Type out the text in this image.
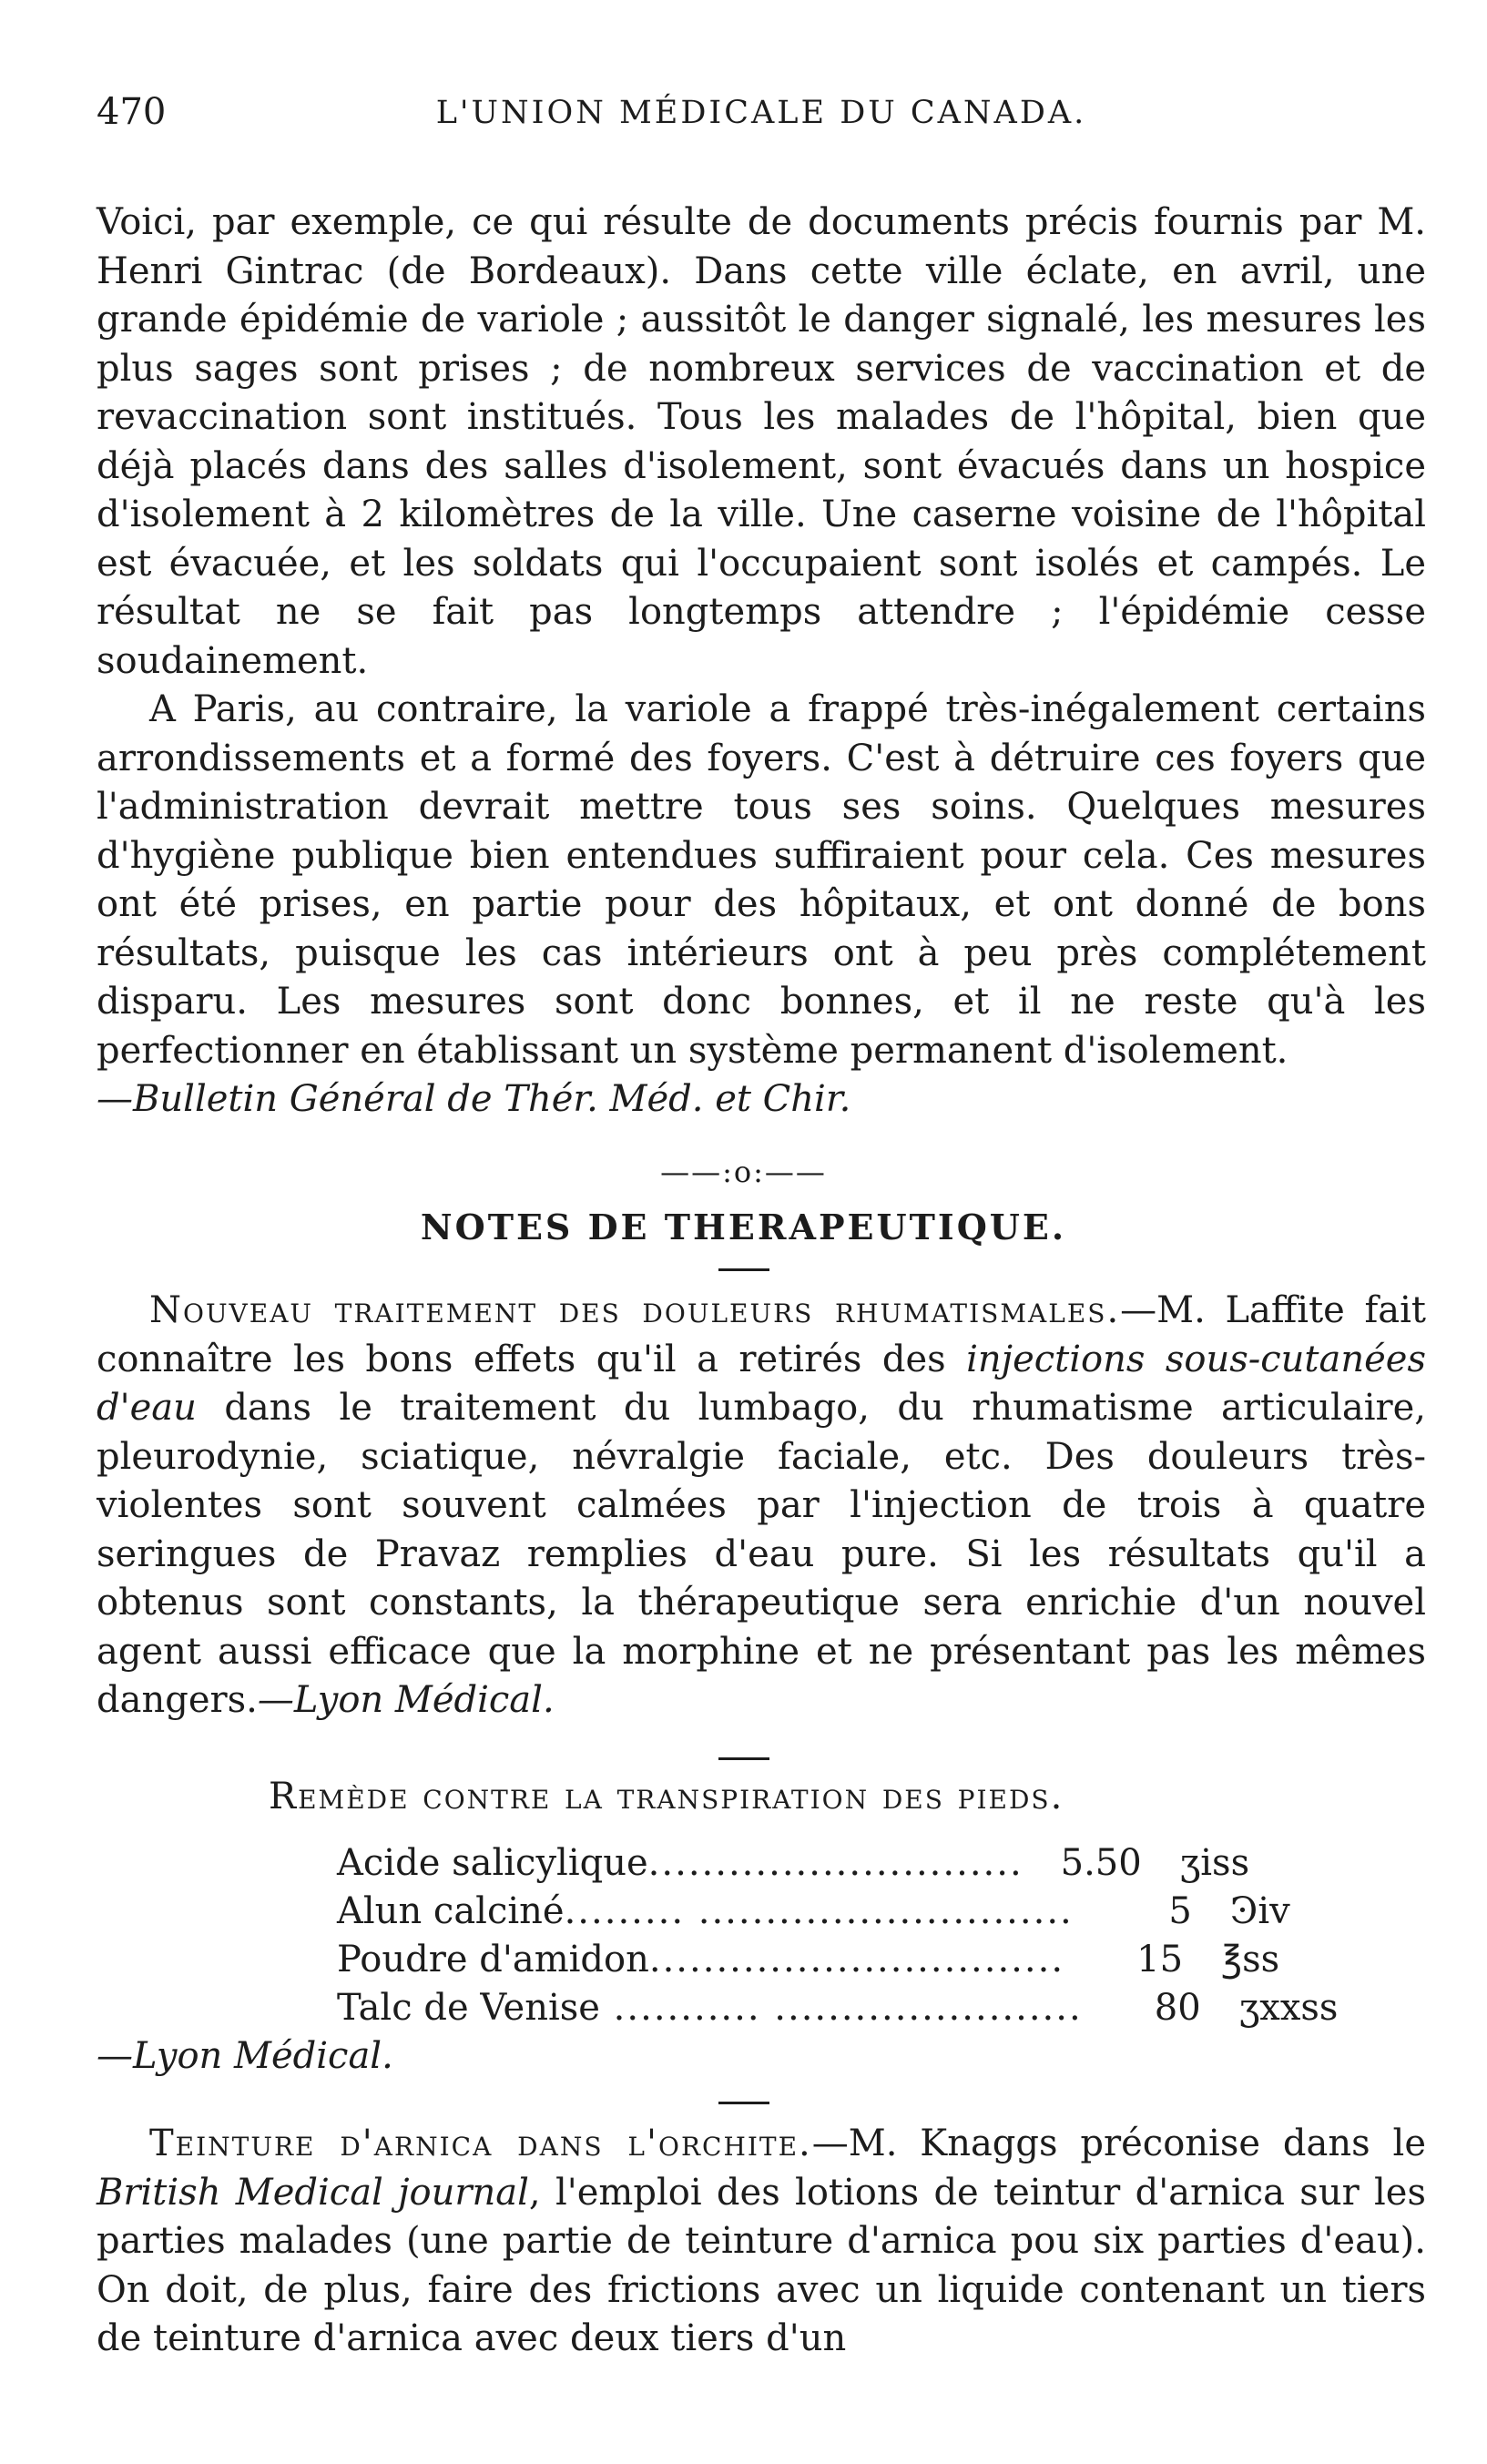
470	L'UNION MÉDICALE DU CANADA.

Voici, par exemple, ce qui résulte de documents précis fournis par M. Henri Gintrac (de Bordeaux). Dans cette ville éclate, en avril, une grande épidémie de variole ; aussitôt le danger signalé, les mesures les plus sages sont prises ; de nombreux services de vaccination et de revaccination sont institués. Tous les malades de l'hôpital, bien que déjà placés dans des salles d'isolement, sont évacués dans un hospice d'isolement à 2 kilomètres de la ville. Une caserne voisine de l'hôpital est évacuée, et les soldats qui l'occupaient sont isolés et campés. Le résultat ne se fait pas longtemps attendre ; l'épidémie cesse soudainement.

A Paris, au contraire, la variole a frappé très-inégalement certains arrondissements et a formé des foyers. C'est à détruire ces foyers que l'administration devrait mettre tous ses soins. Quelques mesures d'hygiène publique bien entendues suffiraient pour cela. Ces mesures ont été prises, en partie pour des hôpitaux, et ont donné de bons résultats, puisque les cas intérieurs ont à peu près complétement disparu. Les mesures sont donc bonnes, et il ne reste qu'à les perfectionner en établissant un système permanent d'isolement.

—Bulletin Général de Thér. Méd. et Chir.

——:o:——
NOTES DE THERAPEUTIQUE.

Nouveau traitement des douleurs rhumatismales.—M. Laffite fait connaître les bons effets qu'il a retirés des injections sous-cutanées d'eau dans le traitement du lumbago, du rhumatisme articulaire, pleurodynie, sciatique, névralgie faciale, etc. Des douleurs très-violentes sont souvent calmées par l'injection de trois à quatre seringues de Pravaz remplies d'eau pure. Si les résultats qu'il a obtenus sont constants, la thérapeutique sera enrichie d'un nouvel agent aussi efficace que la morphine et ne présentant pas les mêmes dangers.—Lyon Médical.

Remède contre la transpiration des pieds.
Acide salicylique............................	5.50	ʒiss
Alun calciné......... ............................	5	Ͽiv
Poudre d'amidon...............................	15	℥ss
Talc de Venise ........... .......................	80	ʒxxss
—Lyon Médical.

Teinture d'arnica dans l'orchite.—M. Knaggs préconise dans le British Medical journal, l'emploi des lotions de teintur d'arnica sur les parties malades (une partie de teinture d'arnica pou six parties d'eau). On doit, de plus, faire des frictions avec un liquide contenant un tiers de teinture d'arnica avec deux tiers d'un
